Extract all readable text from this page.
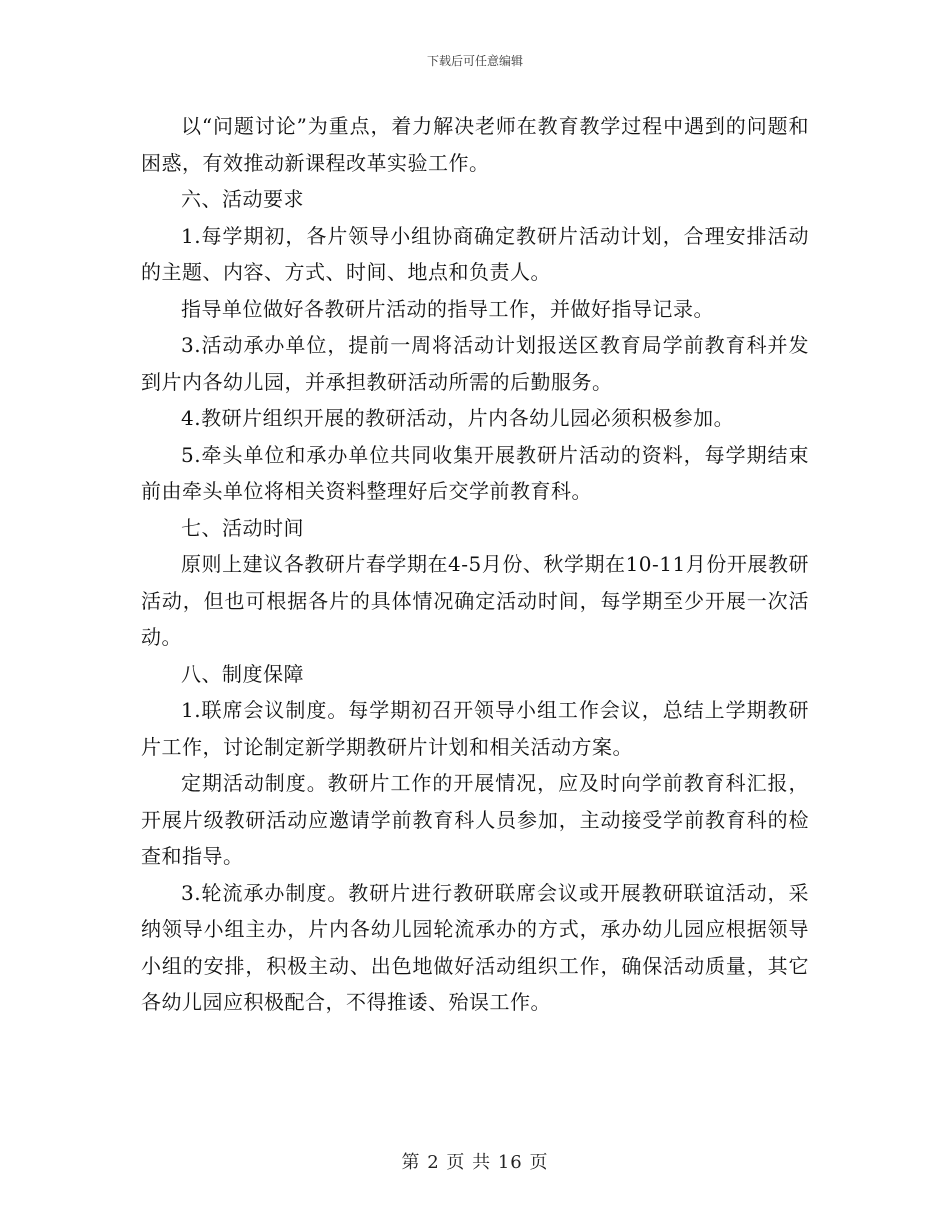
下载后可任意编辑

以“问题讨论”为重点，着力解决老师在教育教学过程中遇到的问题和困惑，有效推动新课程改革实验工作。

六、活动要求

1.每学期初，各片领导小组协商确定教研片活动计划，合理安排活动的主题、内容、方式、时间、地点和负责人。

指导单位做好各教研片活动的指导工作，并做好指导记录。

3.活动承办单位，提前一周将活动计划报送区教育局学前教育科并发到片内各幼儿园，并承担教研活动所需的后勤服务。

4.教研片组织开展的教研活动，片内各幼儿园必须积极参加。

5.牵头单位和承办单位共同收集开展教研片活动的资料，每学期结束前由牵头单位将相关资料整理好后交学前教育科。

七、活动时间

原则上建议各教研片春学期在4-5月份、秋学期在10-11月份开展教研活动，但也可根据各片的具体情况确定活动时间，每学期至少开展一次活动。

八、制度保障

1.联席会议制度。每学期初召开领导小组工作会议，总结上学期教研片工作，讨论制定新学期教研片计划和相关活动方案。

定期活动制度。教研片工作的开展情况，应及时向学前教育科汇报，开展片级教研活动应邀请学前教育科人员参加，主动接受学前教育科的检查和指导。

3.轮流承办制度。教研片进行教研联席会议或开展教研联谊活动，采纳领导小组主办，片内各幼儿园轮流承办的方式，承办幼儿园应根据领导小组的安排，积极主动、出色地做好活动组织工作，确保活动质量，其它各幼儿园应积极配合，不得推诿、殆误工作。

第 2 页 共 16 页
